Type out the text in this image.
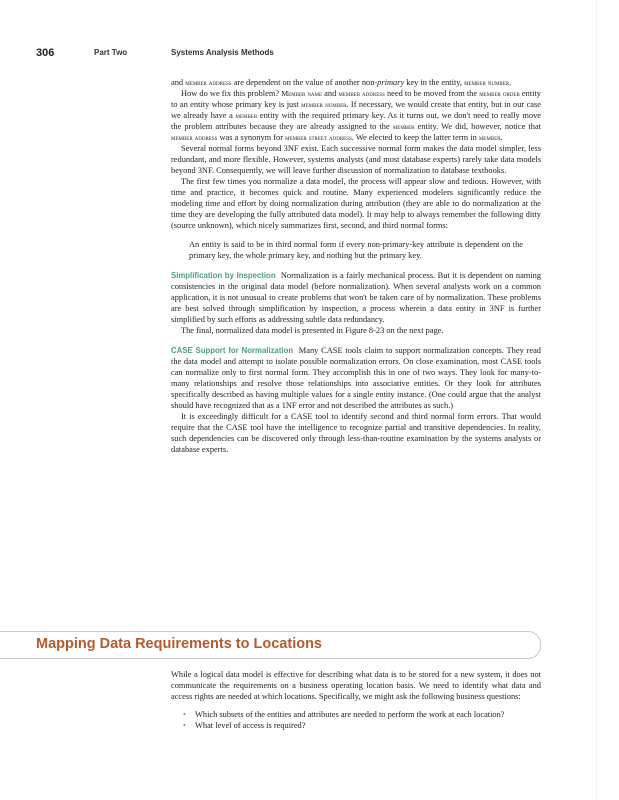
306	Part Two	Systems Analysis Methods

and member address are dependent on the value of another non-primary key in the entity, member number.

How do we fix this problem? Member name and member address need to be moved from the member order entity to an entity whose primary key is just member number. If necessary, we would create that entity, but in our case we already have a member entity with the required primary key. As it turns out, we don't need to really move the problem attributes because they are already assigned to the member entity. We did, however, notice that member address was a synonym for member street address. We elected to keep the latter term in member.

Several normal forms beyond 3NF exist. Each successive normal form makes the data model simpler, less redundant, and more flexible. However, systems analysts (and most database experts) rarely take data models beyond 3NF. Consequently, we will leave further discussion of normalization to database textbooks.

The first few times you normalize a data model, the process will appear slow and tedious. However, with time and practice, it becomes quick and routine. Many experienced modelers significantly reduce the modeling time and effort by doing normalization during attribution (they are able to do normalization at the time they are developing the fully attributed data model). It may help to always remember the following ditty (source unknown), which nicely summarizes first, second, and third normal forms:

An entity is said to be in third normal form if every non-primary-key attribute is dependent on the primary key, the whole primary key, and nothing but the primary key.

Simplification by Inspection Normalization is a fairly mechanical process. But it is dependent on naming consistencies in the original data model (before normalization). When several analysts work on a common application, it is not unusual to create problems that won't be taken care of by normalization. These problems are best solved through simplification by inspection, a process wherein a data entity in 3NF is further simplified by such efforts as addressing subtle data redundancy.

The final, normalized data model is presented in Figure 8-23 on the next page.

CASE Support for Normalization Many CASE tools claim to support normalization concepts. They read the data model and attempt to isolate possible normalization errors. On close examination, most CASE tools can normalize only to first normal form. They accomplish this in one of two ways. They look for many-to-many relationships and resolve those relationships into associative entities. Or they look for attributes specifically described as having multiple values for a single entity instance. (One could argue that the analyst should have recognized that as a 1NF error and not described the attributes as such.)

It is exceedingly difficult for a CASE tool to identify second and third normal form errors. That would require that the CASE tool have the intelligence to recognize partial and transitive dependencies. In reality, such dependencies can be discovered only through less-than-routine examination by the systems analysts or database experts.

Mapping Data Requirements to Locations

While a logical data model is effective for describing what data is to be stored for a new system, it does not communicate the requirements on a business operating location basis. We need to identify what data and access rights are needed at which locations. Specifically, we might ask the following business questions:

• Which subsets of the entities and attributes are needed to perform the work at each location?
• What level of access is required?
